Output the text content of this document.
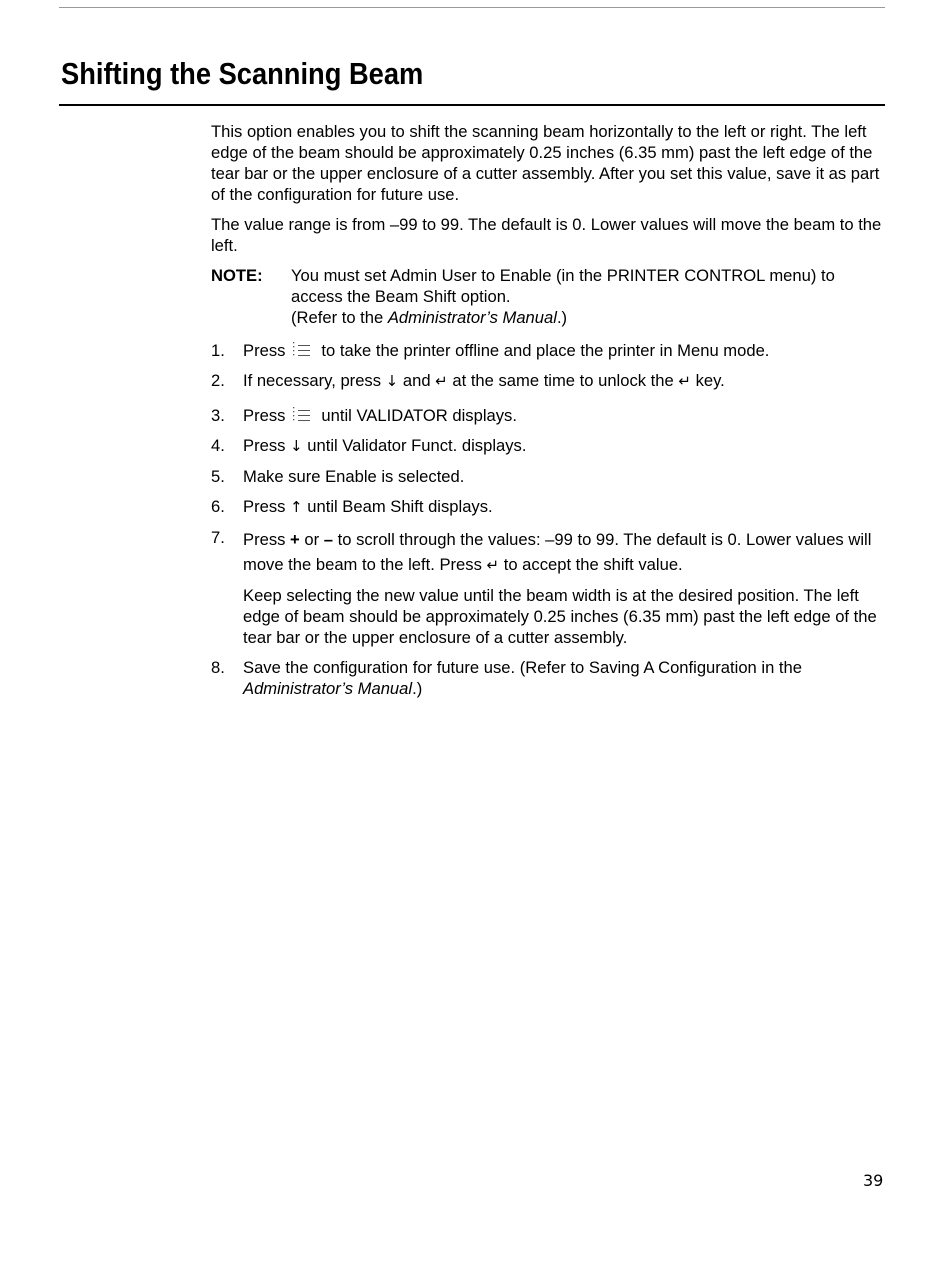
Shifting the Scanning Beam

This option enables you to shift the scanning beam horizontally to the left or right. The left edge of the beam should be approximately 0.25 inches (6.35 mm) past the left edge of the tear bar or the upper enclosure of a cutter assembly. After you set this value, save it as part of the configuration for future use.

The value range is from –99 to 99. The default is 0. Lower values will move the beam to the left.

NOTE:	You must set Admin User to Enable (in the PRINTER CONTROL menu) to access the Beam Shift option.
(Refer to the Administrator’s Manual.)
1.	Press to take the printer offline and place the printer in Menu mode.
2.	If necessary, press ↓ and ↵ at the same time to unlock the ↵ key.
3.	Press until VALIDATOR displays.
4.	Press ↓ until Validator Funct. displays.
5.	Make sure Enable is selected.
6.	Press ↑ until Beam Shift displays.
7.	Press + or – to scroll through the values: –99 to 99. The default is 0. Lower values will move the beam to the left. Press ↵ to accept the shift value.
Keep selecting the new value until the beam width is at the desired position. The left edge of beam should be approximately 0.25 inches (6.35 mm) past the left edge of the tear bar or the upper enclosure of a cutter assembly.
8.	Save the configuration for future use. (Refer to Saving A Configuration in the
Administrator’s Manual.)
39
